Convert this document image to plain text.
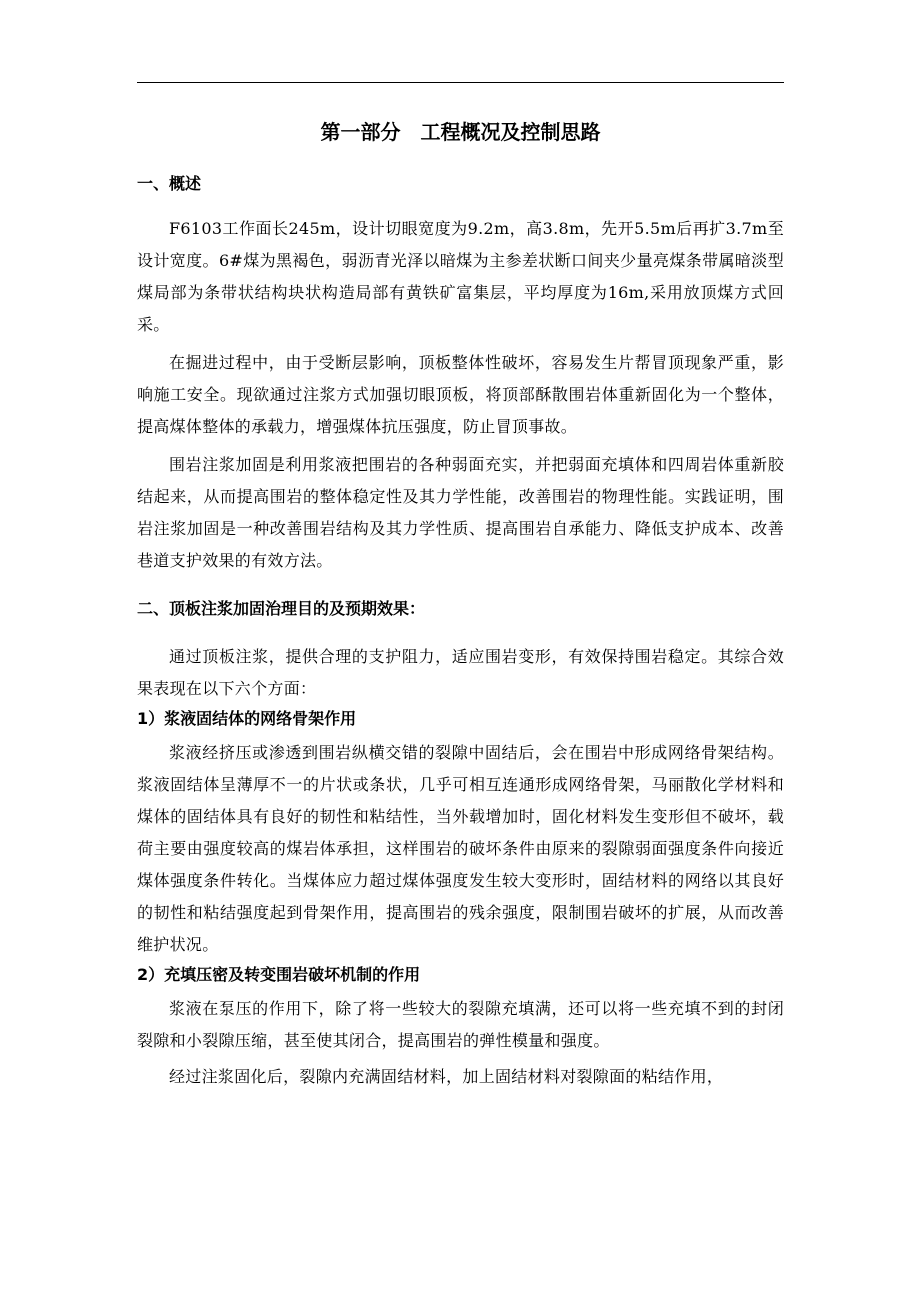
第一部分　工程概况及控制思路
一、概述

F6103工作面长245m，设计切眼宽度为9.2m，高3.8m，先开5.5m后再扩3.7m至设计宽度。6#煤为黑褐色，弱沥青光泽以暗煤为主参差状断口间夹少量亮煤条带属暗淡型煤局部为条带状结构块状构造局部有黄铁矿富集层，平均厚度为16m,采用放顶煤方式回采。

在掘进过程中，由于受断层影响，顶板整体性破坏，容易发生片帮冒顶现象严重，影响施工安全。现欲通过注浆方式加强切眼顶板，将顶部酥散围岩体重新固化为一个整体，提高煤体整体的承载力，增强煤体抗压强度，防止冒顶事故。

围岩注浆加固是利用浆液把围岩的各种弱面充实，并把弱面充填体和四周岩体重新胶结起来，从而提高围岩的整体稳定性及其力学性能，改善围岩的物理性能。实践证明，围岩注浆加固是一种改善围岩结构及其力学性质、提高围岩自承能力、降低支护成本、改善巷道支护效果的有效方法。

二、顶板注浆加固治理目的及预期效果：

通过顶板注浆，提供合理的支护阻力，适应围岩变形，有效保持围岩稳定。其综合效果表现在以下六个方面：

1）浆液固结体的网络骨架作用

浆液经挤压或渗透到围岩纵横交错的裂隙中固结后，会在围岩中形成网络骨架结构。浆液固结体呈薄厚不一的片状或条状，几乎可相互连通形成网络骨架，马丽散化学材料和煤体的固结体具有良好的韧性和粘结性，当外载增加时，固化材料发生变形但不破坏，载荷主要由强度较高的煤岩体承担，这样围岩的破坏条件由原来的裂隙弱面强度条件向接近煤体强度条件转化。当煤体应力超过煤体强度发生较大变形时，固结材料的网络以其良好的韧性和粘结强度起到骨架作用，提高围岩的残余强度，限制围岩破坏的扩展，从而改善维护状况。

2）充填压密及转变围岩破坏机制的作用

浆液在泵压的作用下，除了将一些较大的裂隙充填满，还可以将一些充填不到的封闭裂隙和小裂隙压缩，甚至使其闭合，提高围岩的弹性模量和强度。

经过注浆固化后，裂隙内充满固结材料，加上固结材料对裂隙面的粘结作用，
